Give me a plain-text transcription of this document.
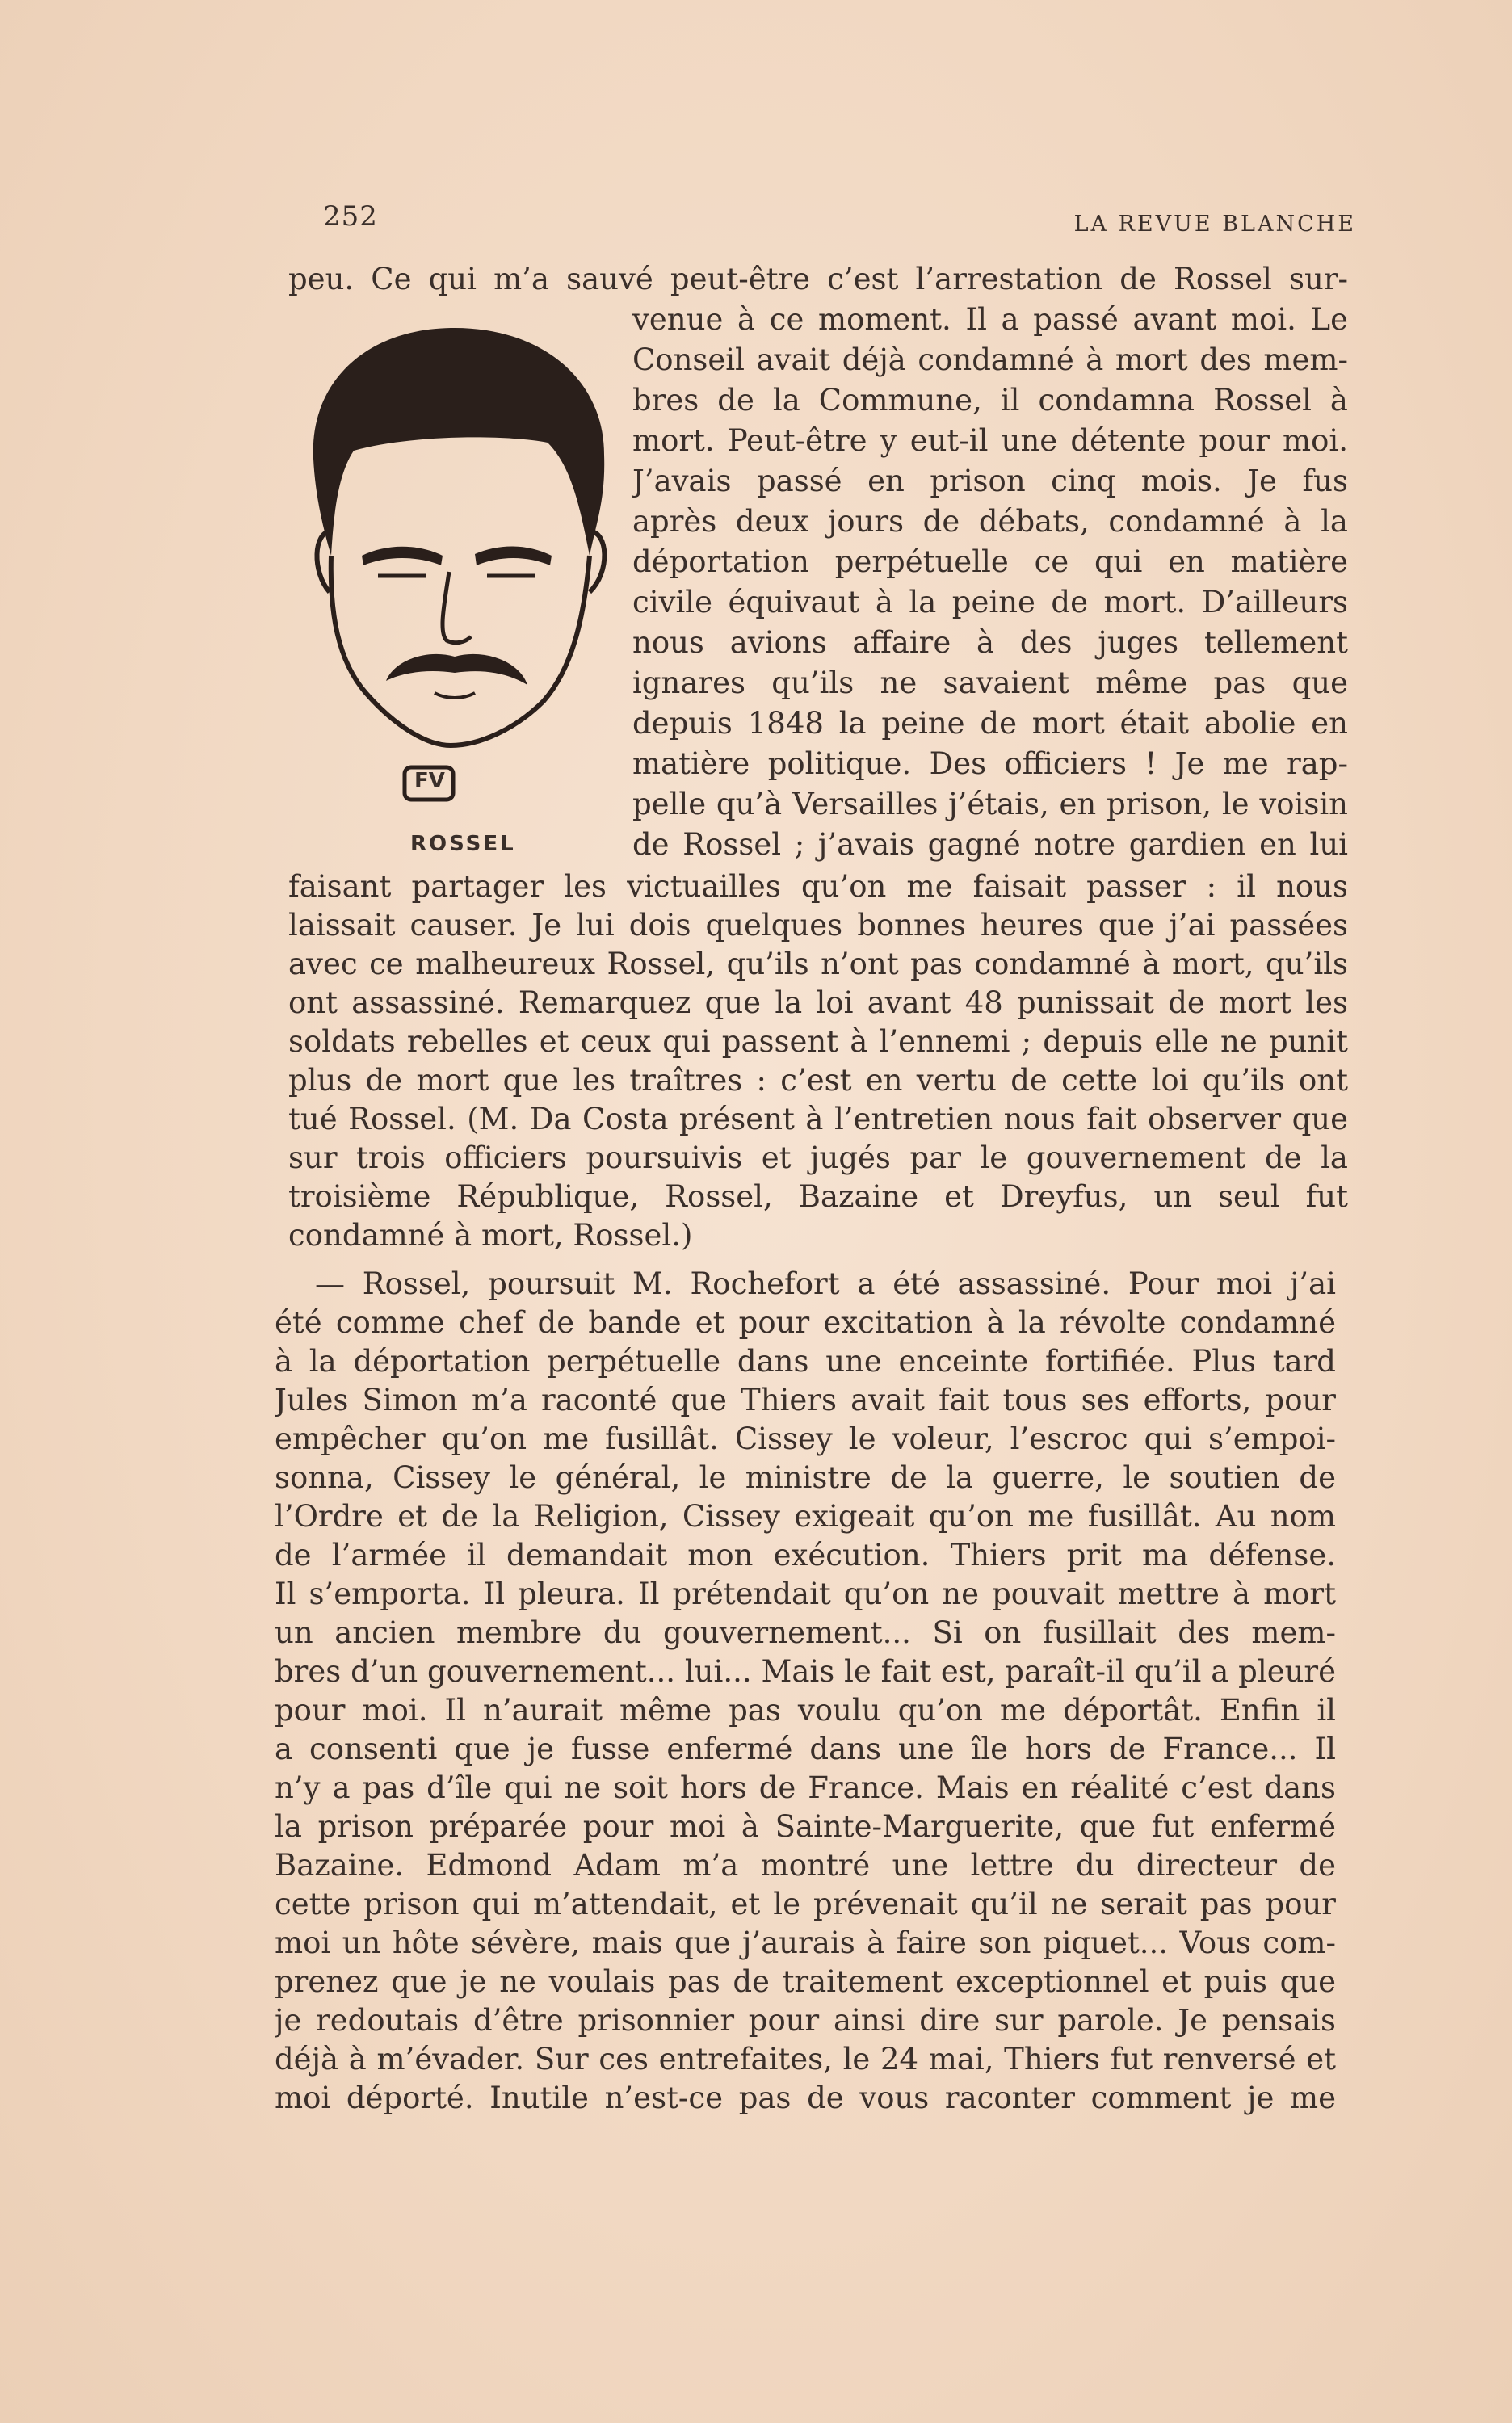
252	LA REVUE BLANCHE
FV
ROSSEL
peu. Ce qui m’a sauvé peut-être c’est l’arrestation de Rossel sur-
venue à ce moment. Il a passé avant moi. Le
Conseil avait déjà condamné à mort des mem-
bres de la Commune, il condamna Rossel à
mort. Peut-être y eut-il une détente pour moi.
J’avais passé en prison cinq mois. Je fus
après deux jours de débats, condamné à la
déportation perpétuelle ce qui en matière
civile équivaut à la peine de mort. D’ailleurs
nous avions affaire à des juges tellement
ignares qu’ils ne savaient même pas que
depuis 1848 la peine de mort était abolie en
matière politique. Des officiers ! Je me rap-
pelle qu’à Versailles j’étais, en prison, le voisin
de Rossel ; j’avais gagné notre gardien en lui
faisant partager les victuailles qu’on me faisait passer : il nous
laissait causer. Je lui dois quelques bonnes heures que j’ai passées
avec ce malheureux Rossel, qu’ils n’ont pas condamné à mort, qu’ils
ont assassiné. Remarquez que la loi avant 48 punissait de mort les
soldats rebelles et ceux qui passent à l’ennemi ; depuis elle ne punit
plus de mort que les traîtres : c’est en vertu de cette loi qu’ils ont
tué Rossel. (M. Da Costa présent à l’entretien nous fait observer que
sur trois officiers poursuivis et jugés par le gouvernement de la
troisième République, Rossel, Bazaine et Dreyfus, un seul fut
condamné à mort, Rossel.)
— Rossel, poursuit M. Rochefort a été assassiné. Pour moi j’ai
été comme chef de bande et pour excitation à la révolte condamné
à la déportation perpétuelle dans une enceinte fortifiée. Plus tard
Jules Simon m’a raconté que Thiers avait fait tous ses efforts, pour
empêcher qu’on me fusillât. Cissey le voleur, l’escroc qui s’empoi-
sonna, Cissey le général, le ministre de la guerre, le soutien de
l’Ordre et de la Religion, Cissey exigeait qu’on me fusillât. Au nom
de l’armée il demandait mon exécution. Thiers prit ma défense.
Il s’emporta. Il pleura. Il prétendait qu’on ne pouvait mettre à mort
un ancien membre du gouvernement... Si on fusillait des mem-
bres d’un gouvernement... lui... Mais le fait est, paraît-il qu’il a pleuré
pour moi. Il n’aurait même pas voulu qu’on me déportât. Enfin il
a consenti que je fusse enfermé dans une île hors de France... Il
n’y a pas d’île qui ne soit hors de France. Mais en réalité c’est dans
la prison préparée pour moi à Sainte-Marguerite, que fut enfermé
Bazaine. Edmond Adam m’a montré une lettre du directeur de
cette prison qui m’attendait, et le prévenait qu’il ne serait pas pour
moi un hôte sévère, mais que j’aurais à faire son piquet... Vous com-
prenez que je ne voulais pas de traitement exceptionnel et puis que
je redoutais d’être prisonnier pour ainsi dire sur parole. Je pensais
déjà à m’évader. Sur ces entrefaites, le 24 mai, Thiers fut renversé et
moi déporté. Inutile n’est-ce pas de vous raconter comment je me
